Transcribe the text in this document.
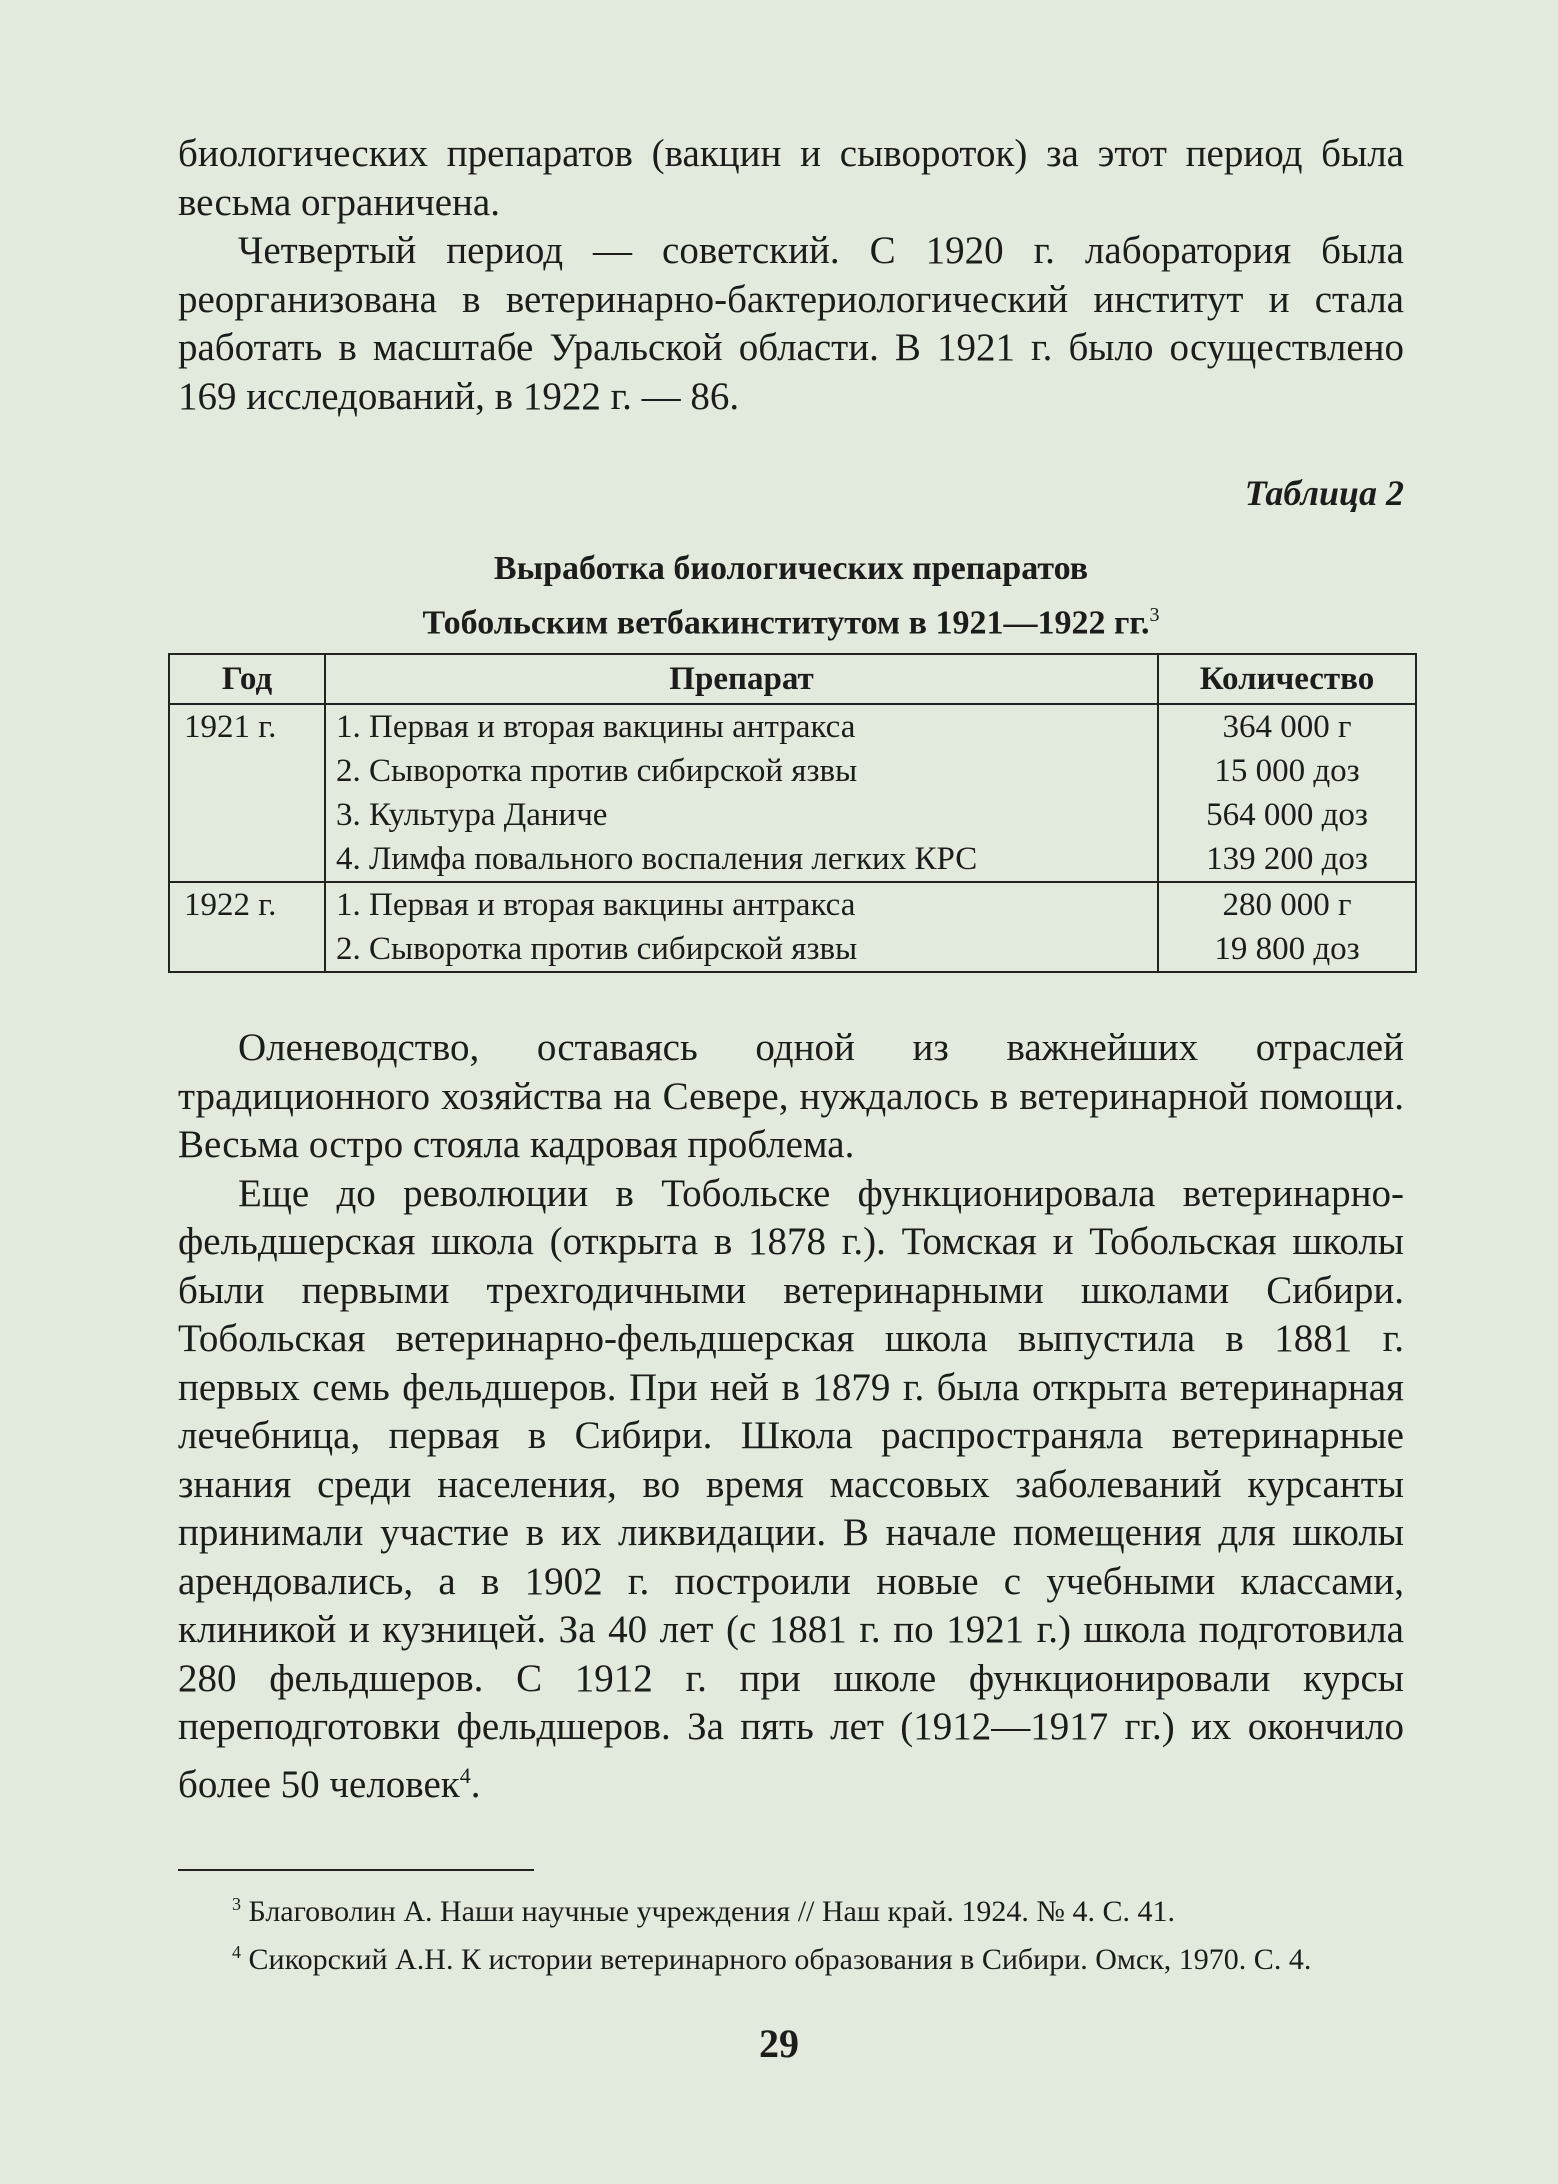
биологических препаратов (вакцин и сывороток) за этот период была весьма ограничена.

Четвертый период — советский. С 1920 г. лаборатория была реорганизована в ветеринарно-бактериологический институт и стала работать в масштабе Уральской области. В 1921 г. было осуществлено 169 исследований, в 1922 г. — 86.

Таблица 2
Выработка биологических препаратов
Тобольским ветбакинститутом в 1921—1922 гг.$^3$
Год	Препарат	Количество
1921 г.	1. Первая и вторая вакцины антракса	364 000 г
	2. Сыворотка против сибирской язвы	15 000 доз
	3. Культура Даниче	564 000 доз
	4. Лимфа повального воспаления легких КРС	139 200 доз
1922 г.	1. Первая и вторая вакцины антракса	280 000 г
	2. Сыворотка против сибирской язвы	19 800 доз

Оленеводство, оставаясь одной из важнейших отраслей традиционного хозяйства на Севере, нуждалось в ветеринарной помощи. Весьма остро стояла кадровая проблема.

Еще до революции в Тобольске функционировала ветеринарно-фельдшерская школа (открыта в 1878 г.). Томская и Тобольская школы были первыми трехгодичными ветеринарными школами Сибири. Тобольская ветеринарно-фельдшерская школа выпустила в 1881 г. первых семь фельдшеров. При ней в 1879 г. была открыта ветеринарная лечебница, первая в Сибири. Школа распространяла ветеринарные знания среди населения, во время массовых заболеваний курсанты принимали участие в их ликвидации. В начале помещения для школы арендовались, а в 1902 г. построили новые с учебными классами, клиникой и кузницей. За 40 лет (с 1881 г. по 1921 г.) школа подготовила 280 фельдшеров. С 1912 г. при школе функционировали курсы переподготовки фельдшеров. За пять лет (1912—1917 гг.) их окончило более 50 человек$^4$.

$^3$ Благоволин А. Наши научные учреждения // Наш край. 1924. № 4. С. 41.

$^4$ Сикорский А.Н. К истории ветеринарного образования в Сибири. Омск, 1970. С. 4.

29
